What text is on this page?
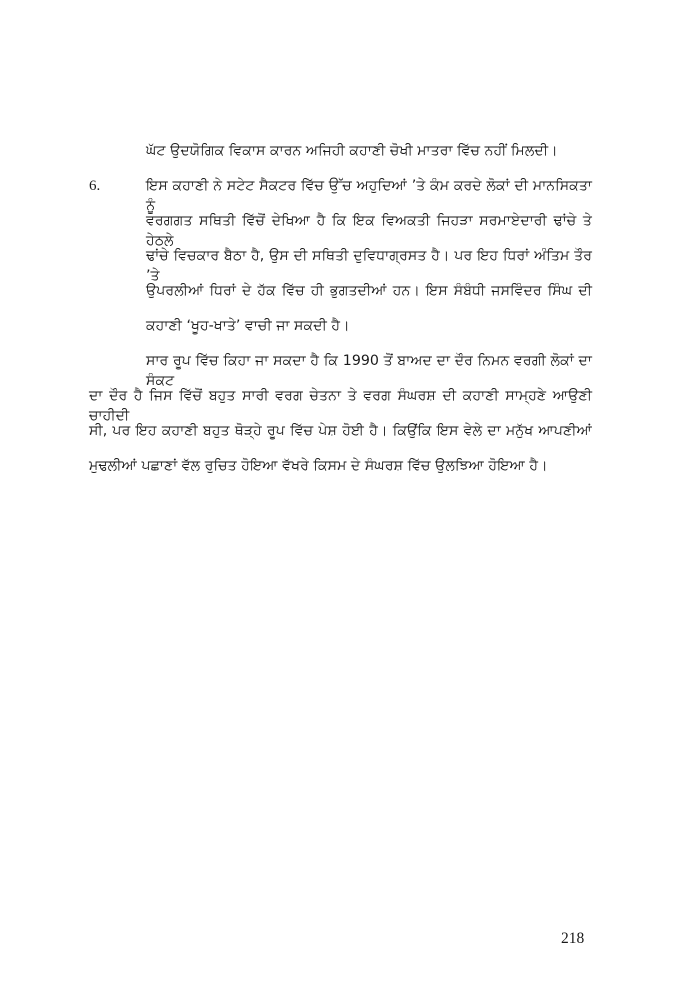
ਘੱਟ ਉਦਯੋਗਿਕ ਵਿਕਾਸ ਕਾਰਨ ਅਜਿਹੀ ਕਹਾਣੀ ਚੋਖੀ ਮਾਤਰਾ ਵਿੱਚ ਨਹੀਂ ਮਿਲਦੀ।
6.	ਇਸ ਕਹਾਣੀ ਨੇ ਸਟੇਟ ਸੈਕਟਰ ਵਿੱਚ ਉੱਚ ਅਹੁਦਿਆਂ ’ਤੇ ਕੰਮ ਕਰਦੇ ਲੋਕਾਂ ਦੀ ਮਾਨਸਿਕਤਾ ਨੂੰ
ਵਰਗਗਤ ਸਥਿਤੀ ਵਿੱਚੋਂ ਦੇਖਿਆ ਹੈ ਕਿ ਇਕ ਵਿਅਕਤੀ ਜਿਹੜਾ ਸਰਮਾਏਦਾਰੀ ਢਾਂਚੇ ਤੇ ਹੇਠਲੇ
ਢਾਂਚੇ ਵਿਚਕਾਰ ਬੈਠਾ ਹੈ, ਉਸ ਦੀ ਸਥਿਤੀ ਦੁਵਿਧਾਗ੍ਰਸਤ ਹੈ। ਪਰ ਇਹ ਧਿਰਾਂ ਅੰਤਿਮ ਤੌਰ ’ਤੇ
ਉਪਰਲੀਆਂ ਧਿਰਾਂ ਦੇ ਹੱਕ ਵਿੱਚ ਹੀ ਭੁਗਤਦੀਆਂ ਹਨ। ਇਸ ਸੰਬੰਧੀ ਜਸਵਿੰਦਰ ਸਿੰਘ ਦੀ
ਕਹਾਣੀ ‘ਖੂਹ-ਖਾਤੇ’ ਵਾਚੀ ਜਾ ਸਕਦੀ ਹੈ।
ਸਾਰ ਰੂਪ ਵਿੱਚ ਕਿਹਾ ਜਾ ਸਕਦਾ ਹੈ ਕਿ 1990 ਤੋਂ ਬਾਅਦ ਦਾ ਦੌਰ ਨਿਮਨ ਵਰਗੀ ਲੋਕਾਂ ਦਾ ਸੰਕਟ
ਦਾ ਦੌਰ ਹੈ ਜਿਸ ਵਿੱਚੋਂ ਬਹੁਤ ਸਾਰੀ ਵਰਗ ਚੇਤਨਾ ਤੇ ਵਰਗ ਸੰਘਰਸ਼ ਦੀ ਕਹਾਣੀ ਸਾਮ੍ਹਣੇ ਆਉਣੀ ਚਾਹੀਦੀ
ਸੀ, ਪਰ ਇਹ ਕਹਾਣੀ ਬਹੁਤ ਥੋੜ੍ਹੇ ਰੂਪ ਵਿੱਚ ਪੇਸ਼ ਹੋਈ ਹੈ। ਕਿਉਂਕਿ ਇਸ ਵੇਲੇ ਦਾ ਮਨੁੱਖ ਆਪਣੀਆਂ
ਮੁਢਲੀਆਂ ਪਛਾਣਾਂ ਵੱਲ ਰੁਚਿਤ ਹੋਇਆ ਵੱਖਰੇ ਕਿਸਮ ਦੇ ਸੰਘਰਸ਼ ਵਿੱਚ ਉਲਝਿਆ ਹੋਇਆ ਹੈ।
218
